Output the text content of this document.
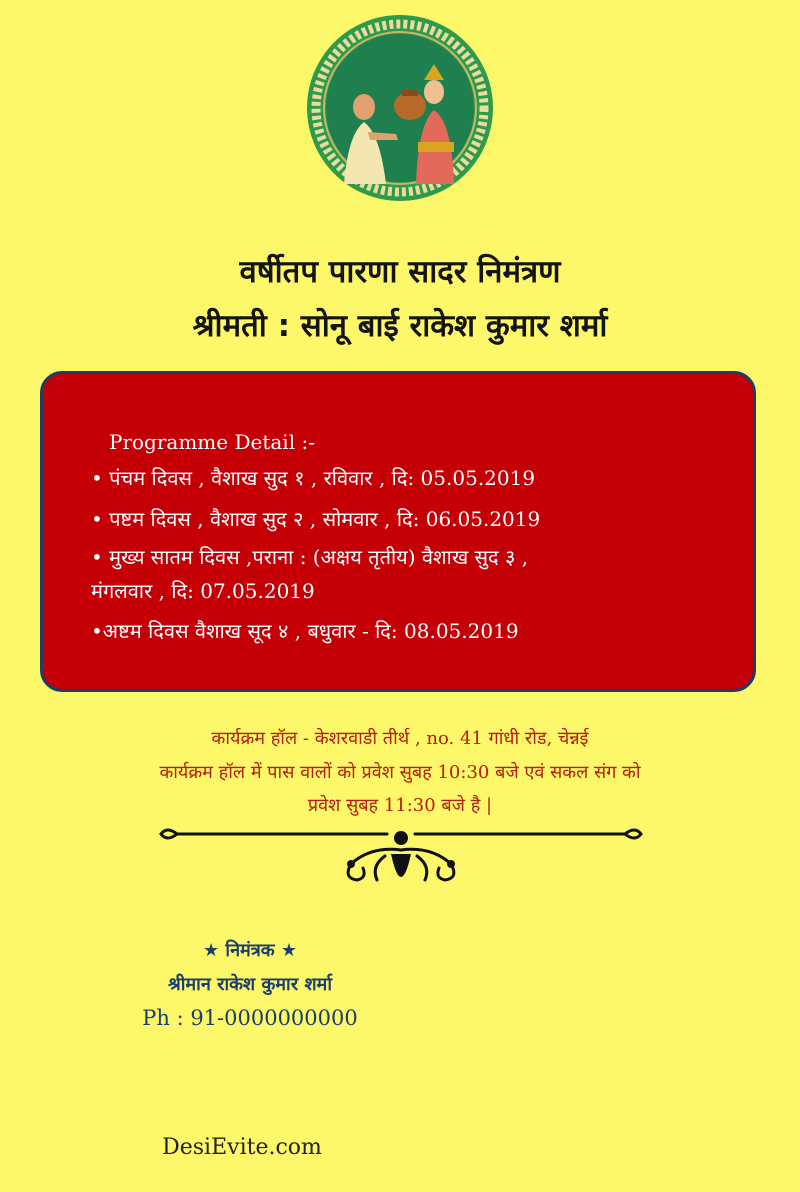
वर्षीतप पारणा सादर निमंत्रण
श्रीमती : सोनू बाई राकेश कुमार शर्मा
Programme Detail :-
• पंचम दिवस , वैशाख सुद १ , रविवार , दि: 05.05.2019
• पष्टम दिवस , वैशाख सुद २ , सोमवार , दि: 06.05.2019
• मुख्य सातम दिवस ,पराना : (अक्षय तृतीय) वैशाख सुद ३ ,
मंगलवार , दि: 07.05.2019
•अष्टम दिवस वैशाख सूद ४ , बधुवार - दि: 08.05.2019
कार्यक्रम हॉल - केशरवाडी तीर्थ , no. 41 गांधी रोड, चेन्नई
कार्यक्रम हॉल में पास वालों को प्रवेश सुबह 10:30 बजे एवं सकल संग को
प्रवेश सुबह 11:30 बजे है |
★ निमंत्रक ★
श्रीमान राकेश कुमार शर्मा
Ph : 91-0000000000
DesiEvite.com
